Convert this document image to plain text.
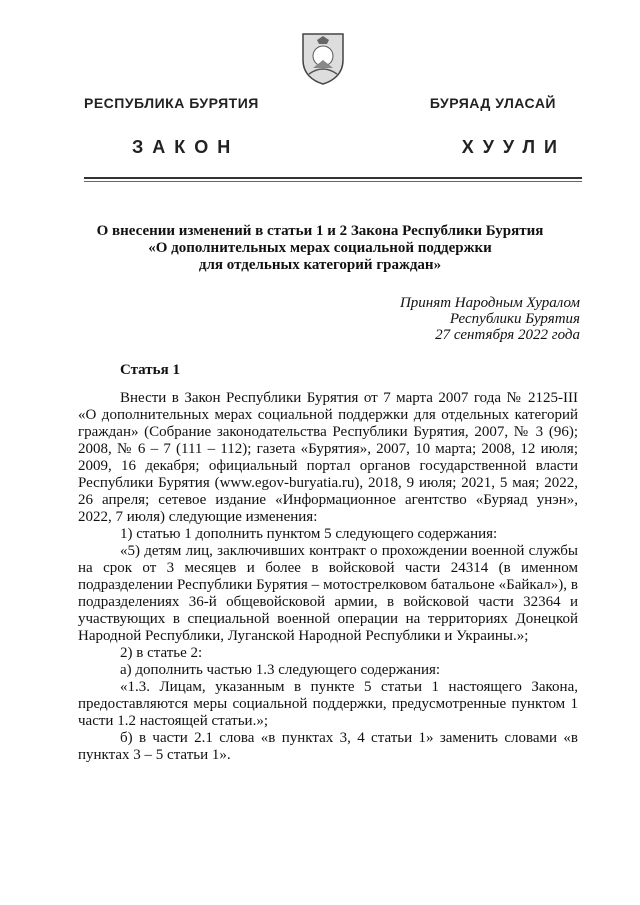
РЕСПУБЛИКА БУРЯТИЯ	БУРЯАД УЛАСАЙ
ЗАКОН	ХУУЛИ
О внесении изменений в статьи 1 и 2 Закона Республики Бурятия
«О дополнительных мерах социальной поддержки
для отдельных категорий граждан»
Принят Народным Хуралом
Республики Бурятия
27 сентября 2022 года
Статья 1

Внести в Закон Республики Бурятия от 7 марта 2007 года № 2125-III «О дополнительных мерах социальной поддержки для отдельных категорий граждан» (Собрание законодательства Республики Бурятия, 2007, № 3 (96); 2008, № 6 – 7 (111 – 112); газета «Бурятия», 2007, 10 марта; 2008, 12 июля; 2009, 16 декабря; официальный портал органов государственной власти Республики Бурятия (www.egov-buryatia.ru), 2018, 9 июля; 2021, 5 мая; 2022, 26 апреля; сетевое издание «Информационное агентство «Буряад унэн», 2022, 7 июля) следующие изменения:

1) статью 1 дополнить пунктом 5 следующего содержания:

«5) детям лиц, заключивших контракт о прохождении военной службы на срок от 3 месяцев и более в войсковой части 24314 (в именном подразделении Республики Бурятия – мотострелковом батальоне «Байкал»), в подразделениях 36-й общевойсковой армии, в войсковой части 32364 и участвующих в специальной военной операции на территориях Донецкой Народной Республики, Луганской Народной Республики и Украины.»;

2) в статье 2:

а) дополнить частью 1.3 следующего содержания:

«1.3. Лицам, указанным в пункте 5 статьи 1 настоящего Закона, предоставляются меры социальной поддержки, предусмотренные пунктом 1 части 1.2 настоящей статьи.»;

б) в части 2.1 слова «в пунктах 3, 4 статьи 1» заменить словами «в пунктах 3 – 5 статьи 1».
